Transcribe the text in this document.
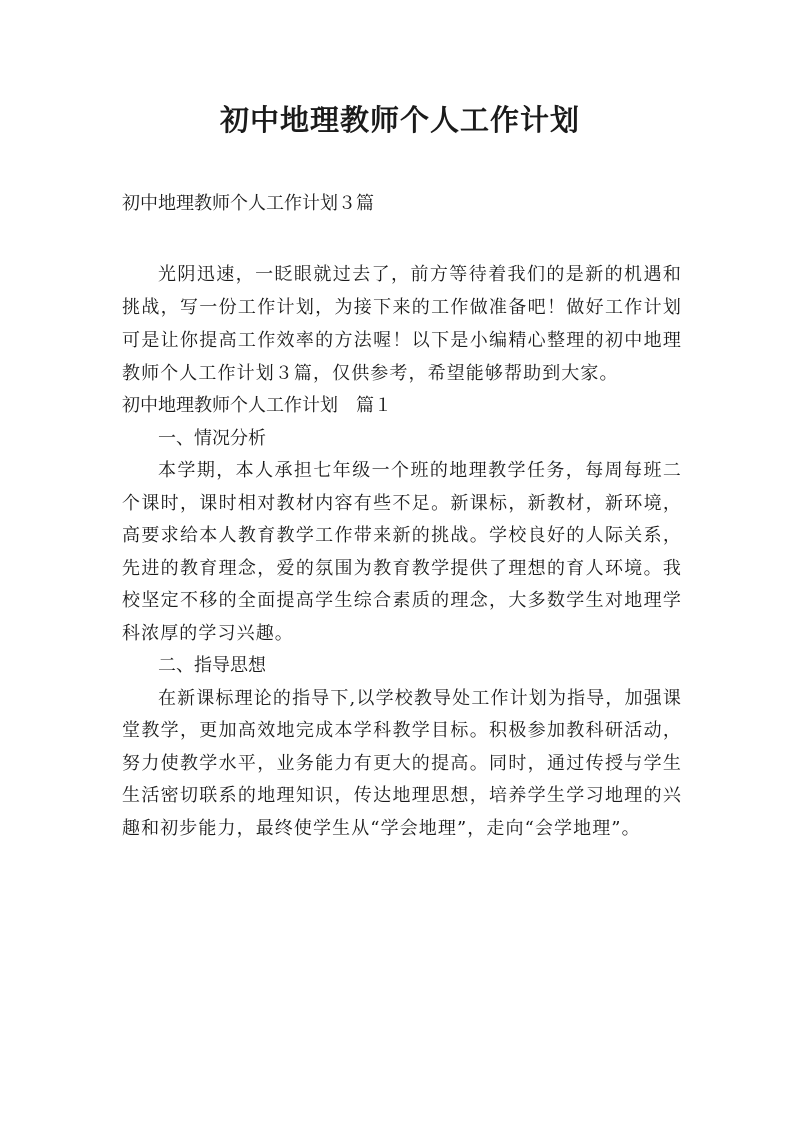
初中地理教师个人工作计划

初中地理教师个人工作计划３篇

光阴迅速，一眨眼就过去了，前方等待着我们的是新的机遇和挑战，写一份工作计划，为接下来的工作做准备吧！做好工作计划可是让你提高工作效率的方法喔！以下是小编精心整理的初中地理教师个人工作计划３篇，仅供参考，希望能够帮助到大家。

初中地理教师个人工作计划　篇１

一、情况分析

本学期，本人承担七年级一个班的地理教学任务，每周每班二个课时，课时相对教材内容有些不足。新课标，新教材，新环境，高要求给本人教育教学工作带来新的挑战。学校良好的人际关系，先进的教育理念，爱的氛围为教育教学提供了理想的育人环境。我校坚定不移的全面提高学生综合素质的理念，大多数学生对地理学科浓厚的学习兴趣。

二、指导思想

在新课标理论的指导下,以学校教导处工作计划为指导，加强课堂教学，更加高效地完成本学科教学目标。积极参加教科研活动，努力使教学水平，业务能力有更大的提高。同时，通过传授与学生生活密切联系的地理知识，传达地理思想，培养学生学习地理的兴趣和初步能力，最终使学生从“学会地理”，走向“会学地理”。
